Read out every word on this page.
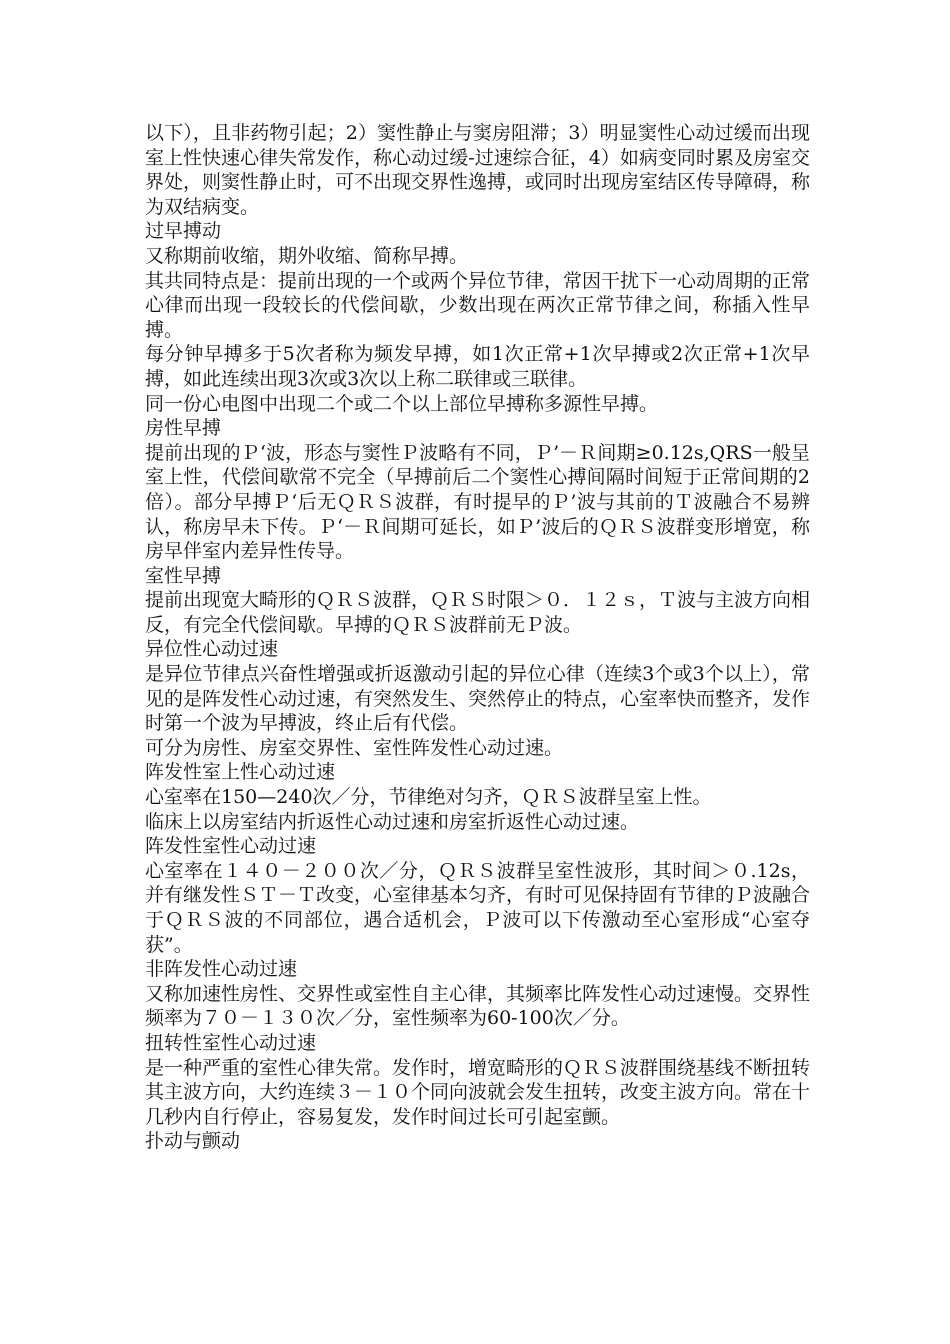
以下），且非药物引起；2）窦性静止与窦房阻滞；3）明显窦性心动过缓而出现室上性快速心律失常发作，称心动过缓-过速综合征，4）如病变同时累及房室交界处，则窦性静止时，可不出现交界性逸搏，或同时出现房室结区传导障碍，称为双结病变。

过早搏动

又称期前收缩，期外收缩、简称早搏。

其共同特点是：提前出现的一个或两个异位节律，常因干扰下一心动周期的正常心律而出现一段较长的代偿间歇，少数出现在两次正常节律之间，称插入性早搏。

每分钟早搏多于5次者称为频发早搏，如1次正常+1次早搏或2次正常+1次早搏，如此连续出现3次或3次以上称二联律或三联律。

同一份心电图中出现二个或二个以上部位早搏称多源性早搏。

房性早搏

提前出现的Ｐ‘波，形态与窦性Ｐ波略有不同，Ｐ’－Ｒ间期≥0.12s,QRS一般呈室上性，代偿间歇常不完全（早搏前后二个窦性心搏间隔时间短于正常间期的2倍）。部分早搏Ｐ‘后无ＱＲＳ波群，有时提早的Ｐ’波与其前的Ｔ波融合不易辨认，称房早未下传。Ｐ‘－Ｒ间期可延长，如Ｐ’波后的ＱＲＳ波群变形增宽，称房早伴室内差异性传导。

室性早搏

提前出现宽大畸形的ＱＲＳ波群，ＱＲＳ时限＞０．１２ｓ，Ｔ波与主波方向相反，有完全代偿间歇。早搏的ＱＲＳ波群前无Ｐ波。

异位性心动过速

是异位节律点兴奋性增强或折返激动引起的异位心律（连续3个或3个以上），常见的是阵发性心动过速，有突然发生、突然停止的特点，心室率快而整齐，发作时第一个波为早搏波，终止后有代偿。

可分为房性、房室交界性、室性阵发性心动过速。

阵发性室上性心动过速

心室率在150—240次／分，节律绝对匀齐，ＱＲＳ波群呈室上性。

临床上以房室结内折返性心动过速和房室折返性心动过速。

阵发性室性心动过速

心室率在１４０－２００次／分，ＱＲＳ波群呈室性波形，其时间＞０.12s，并有继发性ＳＴ－Ｔ改变，心室律基本匀齐，有时可见保持固有节律的Ｐ波融合于ＱＲＳ波的不同部位，遇合适机会，Ｐ波可以下传激动至心室形成“心室夺获”。

非阵发性心动过速

又称加速性房性、交界性或室性自主心律，其频率比阵发性心动过速慢。交界性频率为７０－１３０次／分，室性频率为60-100次／分。

扭转性室性心动过速

是一种严重的室性心律失常。发作时，增宽畸形的ＱＲＳ波群围绕基线不断扭转其主波方向，大约连续３－１０个同向波就会发生扭转，改变主波方向。常在十几秒内自行停止，容易复发，发作时间过长可引起室颤。

扑动与颤动
